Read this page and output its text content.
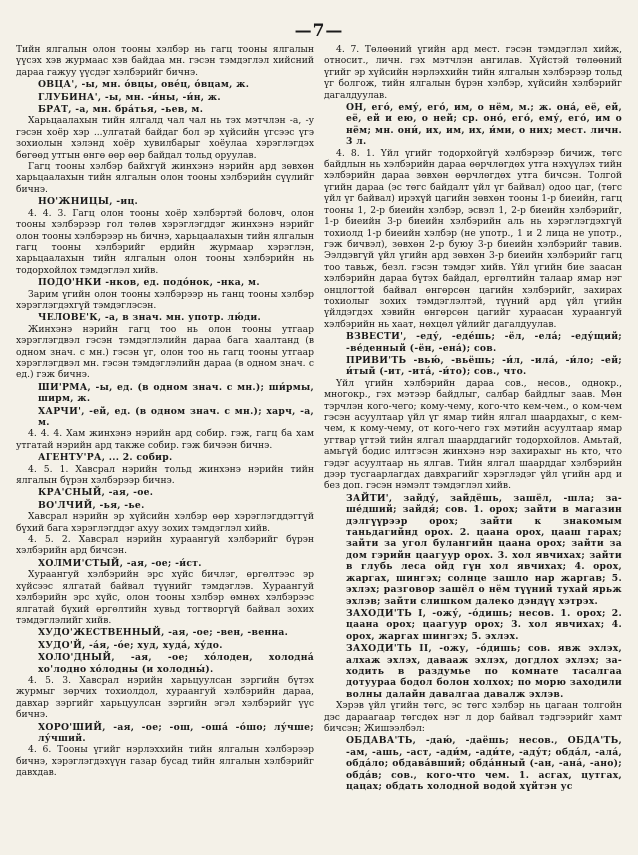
—7—

Тийн ялгалын олон тооны хэлбэр нь гагц тооны ялгалын үүсэх хэв журмаас хэв байдаа мн. гэсэн тэмдэглэл хийсний дараа гажуу үүсдэг хэлбэрийг бичнэ.

ОВЦА', -ы, мн. о́вцы, ове́ц, о́вцам, ж.

ГЛУБИНА', -ы, мн. -и́ны, -и́н, ж.

БРАТ, -а, мн. бра́тья, -ьев, м.

Харьцаалахын тийн ялгалд чал чал нь тэх мэтчлэн -а, -у гэсэн хоёр хэр ...улгатай байдаг бол эр хүйсийн үгсээс үгэ зохиолын хэлэнд хоёр хувилбарыг хоёулаа хэрэглэгдэх бөгөөд утгын өнгө өөр өөр байдал тольд оруулав.

Гагц тооны хэлбэр байхгүй жинхэнэ нэрийн ард зөвхөн харьцаалахын тийн ялгалын олон тооны хэлбэрийн сүүлийг бичнэ.

НО'ЖНИЦЫ, -иц.

4. 4. 3. Гагц олон тооны хоёр хэлбэртэй боловч, олон тооны хэлбэрээр гол төлөв хэрэглэгддэг жинхэнэ нэрийг олон тооны хэлбэрээр нь бичнэ, харьцаалахын тийн ялгалын гагц тооны хэлбэрийг ердийн журмаар хэрэглэн, харьцаалахын тийн ялгалын олон тооны хэлбэрийн нь тодорхойлох тэмдэглэл хийв.

ПОДО'НКИ -нков, ед. подо́нок, -нка, м.

Зарим үгийн олон тооны хэлбэрээр нь ганц тооны хэлбэр хэрэглэгдэхгүй тэмдэглэсэн.

ЧЕЛОВЕ'К, -а, в знач. мн. употр. лю́ди.

Жинхэнэ нэрийн гагц тоо нь олон тооны утгаар хэрэглэгдвэл гэсэн тэмдэглэлийн дараа бага хаалтанд (в одном знач. с мн.) гэсэн үг, олон тоо нь гагц тооны утгаар хэрэглэгдвэл мн. гэсэн тэмдэглэлийн дараа (в одном знач. с ед.) гэж бичнэ.

ШИ'РМА, -ы, ед. (в одном знач. с мн.); ши́рмы, ширм, ж.

ХАРЧИ', -ей, ед. (в одном знач. с мн.); харч, -а, м.

4. 4. 4. Хам жинхэнэ нэрийн ард собир. гэж, гагц ба хам утгатай нэрийн ард также собир. гэж бичээн бичнэ.

АГЕНТУ'РА, ... 2. собир.

4. 5. 1. Хавсрал нэрийн тольд жинхэнэ нэрийн тийн ялгалын бүрэн хэлбэрээр бичнэ.

КРА'СНЫЙ, -ая, -ое.

ВО'ЛЧИЙ, -ья, -ье.

Хавсрал нэрийн эр хүйсийн хэлбэр өөр хэрэглэгддэггүй бүхий бага хэрэглэгддэг ахуу зохих тэмдэглэл хийв.

4. 5. 2. Хавсрал нэрийн хураангуй хэлбэрийг бүрэн хэлбэрийн ард бичсэн.

ХОЛМИ'СТЫЙ, -ая, -ое; -и́ст.

Хураангуй хэлбэрийн эрс хүйс бичлэг, өргөлтээс эр хүйсээс ялгатай байвал түүнийг тэмдэглэв. Хураангуй хэлбэрийн эрс хүйс, олон тооны хэлбэр өмнөх хэлбэрээс ялгатай бүхий өргөлтийн хувьд тогтворгүй байвал зохих тэмдэглэлийг хийв.

ХУДО'ЖЕСТВЕННЫЙ, -ая, -ое; -вен, -венна.

ХУДО'Й, -а́я, -о́е; худ, худа́, ху́до.

ХОЛО'ДНЫЙ, -ая, -ое; хо́лоден, холодна́ хо'лодно хо́лодны (и холодны́).

4. 5. 3. Хавсрал нэрийн харьцуулсан зэргийн бүтэх журмыг зөрчих тохиолдол, хураангуй хэлбэрийн дараа, давхар зэргийг харьцуулсан зэргийн эгэл хэлбэрийг үүс бичнэ.

ХОРО'ШИЙ, -ая, -ое; -ош, -оша́ -о́шо; лу́чше; лу́чший.

4. 6. Тооны үгийг нэрлэххийн тийн ялгалын хэлбэрээр бичнэ, хэрэглэгдэхүүн газар бусад тийн ялгалын хэлбэрийг давхдав.

4. 7. Төлөөний үгийн ард мест. гэсэн тэмдэглэл хийж, относит., личн. гэх мэтчлэн ангилав. Хүйстэй төлөөний үгийг эр хүйсийн нэрлэххийн тийн ялгалын хэлбэрээр тольд үг болгож, тийн ялгалын бүрэн хэлбэр, хүйсийн хэлбэрийг дагалдуулав.

ОН, его́, ему́, его́, им, о нём, м.; ж. она́, её, ей, её, ей и ею, о ней; ср. оно́, его́, ему́, его́, им о нём; мн. они́, их, им, их, и́ми, о них; мест. личн. 3 л.

4. 8. 1. Үйл үгийг тодорхойгүй хэлбэрээр бичиж, төгс байдлын нь хэлбэрийн дараа өөрчлөгдөх утга нэхүүлэх тийн хэлбэрийн дараа зөвхөн өөрчлөгдөх утга бичсэн. Толгой үгийн дараа (эс төгс байдалт үйл үг байвал) одоо цаг, (төгс үйл үг байвал) ирэхүй цагийн зөвхөн тооны 1-р биеийн, гагц тооны 1, 2-р биеийн хэлбэр, эсвэл 1, 2-р биеийн хэлбэрийг, 1-р биеийн 3-р биеийн хэлбэрийн аль нь хэрэглэгдэхгүй тохиолд 1-р биеийн хэлбэр (не употр., 1 и 2 лица не употр., гэж бичвэл), зөвхөн 2-р буюу 3-р биеийн хэлбэрийг тавив. Ээлдэвгүй үйл үгийн ард зөвхөн 3-р биеийн хэлбэрийг гагц тоо тавьж, безл. гэсэн тэмдэг хийв. Үйл үгийн бие заасан хэлбэрийн дараа бүтэх байдал, ергөлтийн талаар ямар нэг онцлогтой байвал өнгөрсөн цагийн хэлбэрийг, захирах тохиолыг зохих тэмдэглэлтэй, түүний ард үйл үгийн үйлдэгдэх хэвийн өнгөрсөн цагийг хураасан хураангуй хэлбэрийн нь хаат, нөхцөл үйлийг дагалдуулав.

ВЗВЕСТИ', -еду́, -еде́шь; -ёл, -ела́; -еду́щий; -ве́денный (-ён, -ена́); сов.

ПРИВИ'ТЬ -вью́, -вьёшь; -и́л, -ила́, -и́ло; -ей; и́тый (-ит, -ита́, -и́то); сов., что.

Үйл үгийн хэлбэрийн дараа сов., несов., однокр., многокр., гэх мэтээр байдлыг, салбар байдлыг заав. Мөн тэрчлэн кого-чего; кому-чему, кого-что кем-чем., о ком-чем гэсэн асуултаар үйл үг ямар тийн ялгал шаардахыг, с кем-чем, к кому-чему, от кого-чего гэх мэтийн асуултаар ямар угтвар үгтэй тийн ялгал шаарддагийг тодорхойлов. Амьтай, амьгүй бодис илтгэсэн жинхэнэ нэр захирахыг нь кто, что гэдэг асуултаар нь ялгав. Тийн ялгал шаарддаг хэлбэрийн дээр тусгаарлагдах давхрагийг хэрэглэдэг үйл үгийн ард и без доп. гэсэн нэмэлт тэмдэглэл хийв.

ЗАЙТИ', зайду́, зайдёшь, зашёл, -шла; за-ше́дший; зайдя́; сов. 1. орох; зайти в магазин дэлгүүрээр орох; зайти к знакомым таньдагийнд орох. 2. цаана орох, цааш гарах; зайти за угол булангийн цаана орох; зайти за дом гэрийн цаагуур орох. 3. хол явчихах; зайти в глубь леса ойд гүн хол явчихах; 4. орох, жаргах, шингэх; солнце зашло нар жаргав; 5. эхлэх; разговор зашёл о нём түүний тухай ярьж эхлэв; зайти слишком далеко дэндүү хэтрэх.

ЗАХОДИ'ТЬ I, -ожу́, -о́дишь; несов. 1. орох; 2. цаана орох; цаагуур орох; 3. хол явчихах; 4. орох, жаргах шингэх; 5. эхлэх.

ЗАХОДИ'ТЬ II, -ожу, -о́дишь; сов. явж эхлэх, алхаж эхлэх, давааж эхлэх, догдлох эхлэх; за-ходить в раздумье по комнате тасалгаа дотуураа бодол болон холхох; по морю заходили волны далайн давалгаа давалж эхлэв.

Хэрэв үйл үгийн төгс, эс төгс хэлбэр нь цагаан толгойн дэс дараагаар төгсдөх нэг л дор байвал тэдгээрийг хамт бичсэн; Жишээлбэл:

ОБДАВА'ТЬ, -даю́, -даёшь; несов., ОБДА'ТЬ, -ам, -ашь, -аст, -ади́м, -ади́те, -аду́т; обда́л, -ала́, обда́ло; обдава́вший; обда́нный (-ан, -ана́, -ано); обда́в; сов., кого-что чем. 1. асгах, цутгах, цацах; обдать холодной водой хүйтэн ус
